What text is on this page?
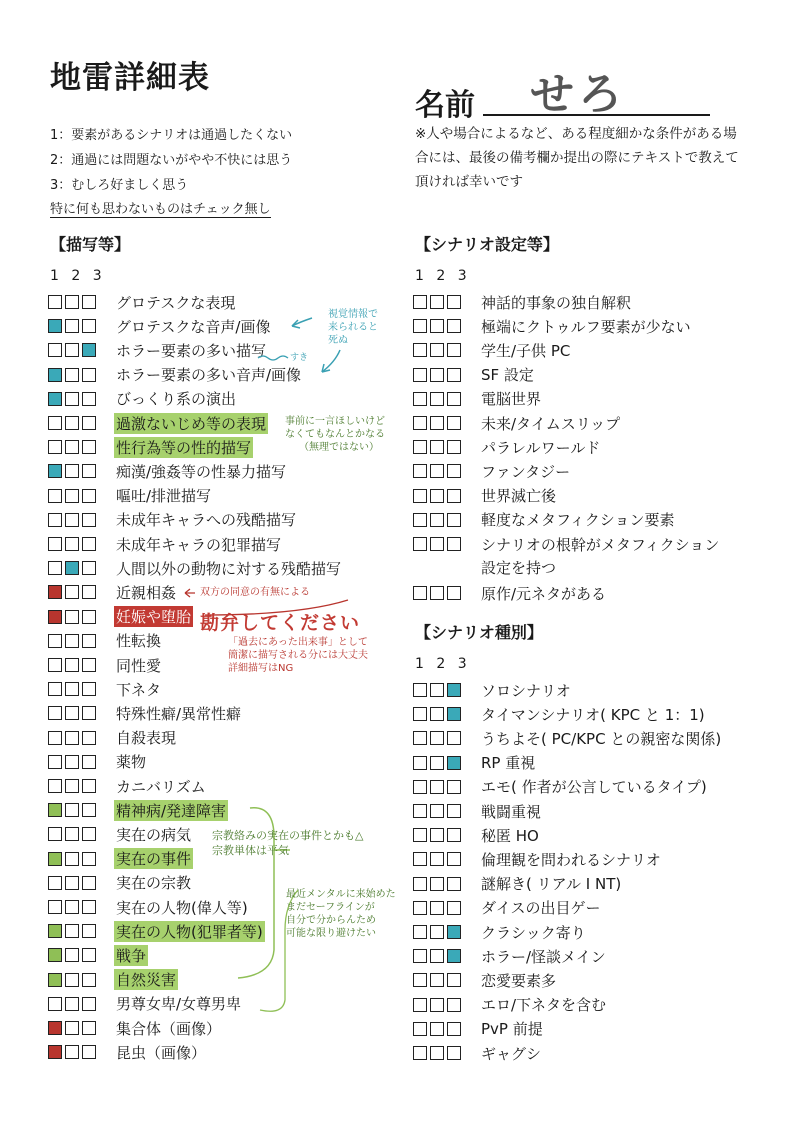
地雷詳細表
名前 せろ
1：要素があるシナリオは通過したくない
2：通過には問題ないがやや不快には思う
3：むしろ好ましく思う
特に何も思わないものはチェック無し
※人や場合によるなど、ある程度細かな条件がある場合には、最後の備考欄か提出の際にテキストで教えて頂ければ幸いです
【描写等】
1 2 3
グロテスクな表現
グロテスクな音声/画像
ホラー要素の多い描写
ホラー要素の多い音声/画像
びっくり系の演出
過激ないじめ等の表現
性行為等の性的描写
痴漢/強姦等の性暴力描写
嘔吐/排泄描写
未成年キャラへの残酷描写
未成年キャラの犯罪描写
人間以外の動物に対する残酷描写
近親相姦
妊娠や堕胎
性転換
同性愛
下ネタ
特殊性癖/異常性癖
自殺表現
薬物
カニバリズム
精神病/発達障害
実在の病気
実在の事件
実在の宗教
実在の人物(偉人等)
実在の人物(犯罪者等)
戦争
自然災害
男尊女卑/女尊男卑
集合体（画像）
昆虫（画像）
【シナリオ設定等】
1 2 3
神話的事象の独自解釈
極端にクトゥルフ要素が少ない
学生/子供 PC
SF 設定
電脳世界
未来/タイムスリップ
パラレルワールド
ファンタジー
世界滅亡後
軽度なメタフィクション要素
シナリオの根幹がメタフィクション
原作/元ネタがある
設定を持つ
【シナリオ種別】
1 2 3
ソロシナリオ
タイマンシナリオ( KPC と 1：1)
うちよそ( PC/KPC との親密な関係)
RP 重視
エモ( 作者が公言しているタイプ)
戦闘重視
秘匿 HO
倫理観を問われるシナリオ
謎解き( リアル I NT)
ダイスの出目ゲー
クラシック寄り
ホラー/怪談メイン
恋愛要素多
エロ/下ネタを含む
PvP 前提
ギャグシ
視覚情報で
来られると
死ぬ
すき
事前に一言ほしいけど
なくてもなんとかなる
（無理ではない）
双方の同意の有無による
勘弁してください
「過去にあった出来事」として
簡潔に描写される分には大丈夫
詳細描写はNG
宗教絡みの実在の事件とかも△
宗教単体は平気
最近メンタルに来始めた
まだセーフラインが
自分で分からんため
可能な限り避けたい
